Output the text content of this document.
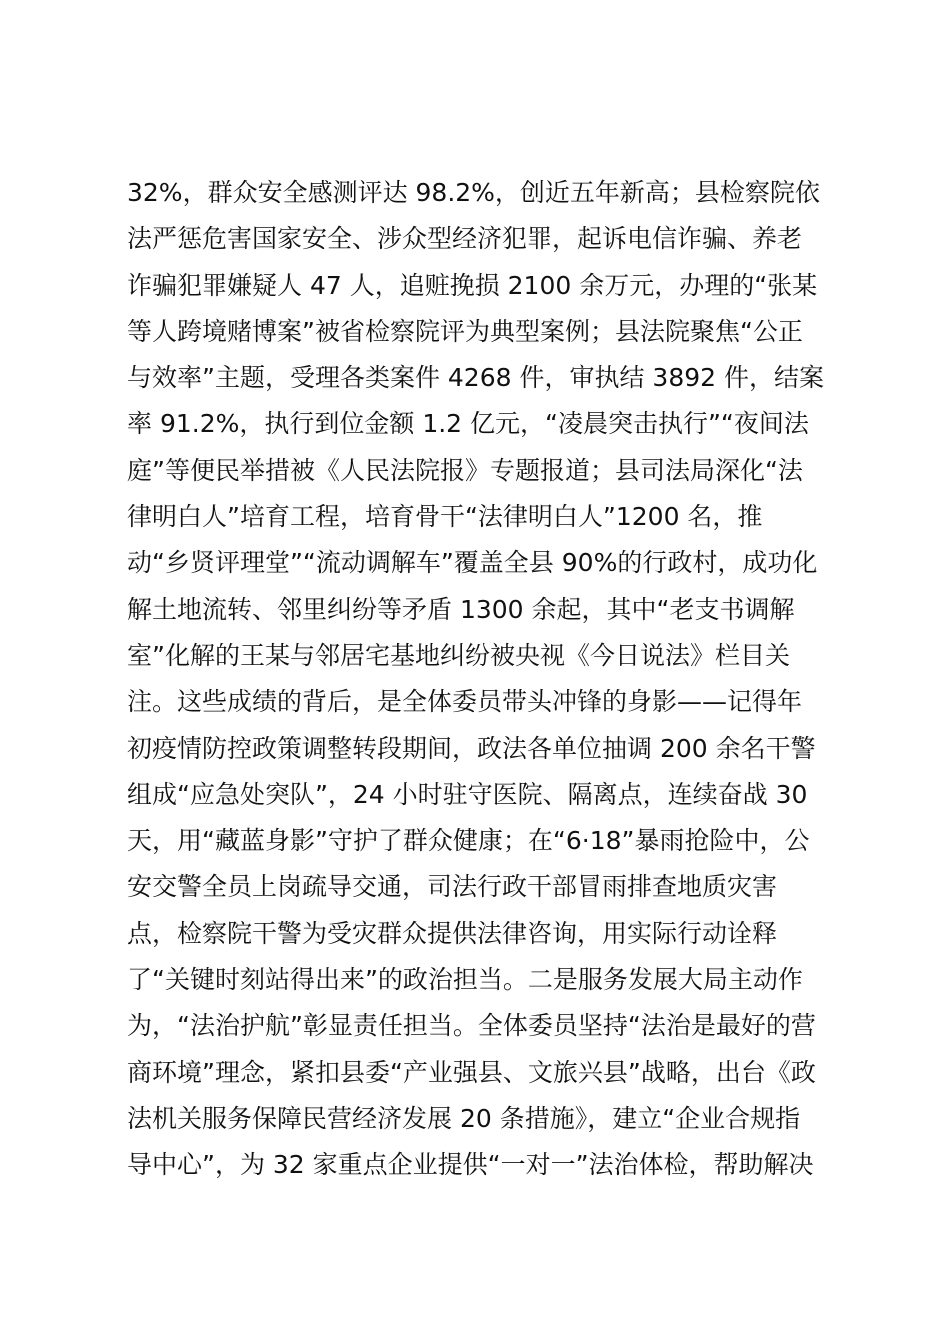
32%，群众安全感测评达 98.2%，创近五年新高；县检察院依
法严惩危害国家安全、涉众型经济犯罪，起诉电信诈骗、养老
诈骗犯罪嫌疑人 47 人，追赃挽损 2100 余万元，办理的“张某
等人跨境赌博案”被省检察院评为典型案例；县法院聚焦“公正
与效率”主题，受理各类案件 4268 件，审执结 3892 件，结案
率 91.2%，执行到位金额 1.2 亿元，“凌晨突击执行”“夜间法
庭”等便民举措被《人民法院报》专题报道；县司法局深化“法
律明白人”培育工程，培育骨干“法律明白人”1200 名，推
动“乡贤评理堂”“流动调解车”覆盖全县 90%的行政村，成功化
解土地流转、邻里纠纷等矛盾 1300 余起，其中“老支书调解
室”化解的王某与邻居宅基地纠纷被央视《今日说法》栏目关
注。这些成绩的背后，是全体委员带头冲锋的身影——记得年
初疫情防控政策调整转段期间，政法各单位抽调 200 余名干警
组成“应急处突队”，24 小时驻守医院、隔离点，连续奋战 30
天，用“藏蓝身影”守护了群众健康；在“6·18”暴雨抢险中，公
安交警全员上岗疏导交通，司法行政干部冒雨排查地质灾害
点，检察院干警为受灾群众提供法律咨询，用实际行动诠释
了“关键时刻站得出来”的政治担当。二是服务发展大局主动作
为，“法治护航”彰显责任担当。全体委员坚持“法治是最好的营
商环境”理念，紧扣县委“产业强县、文旅兴县”战略，出台《政
法机关服务保障民营经济发展 20 条措施》，建立“企业合规指
导中心”，为 32 家重点企业提供“一对一”法治体检，帮助解决
